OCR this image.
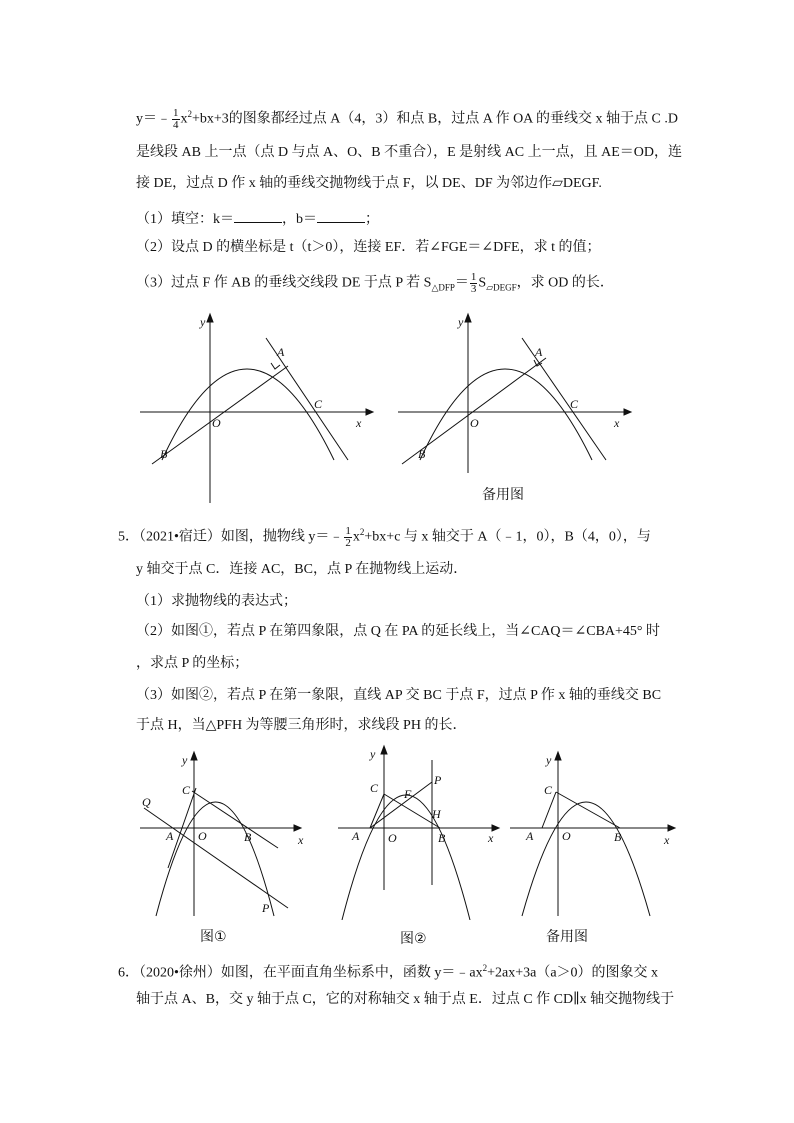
y＝﹣ $\frac{1}{4} x^2+bx+3$的图象都经过点 A（4，3）和点 B，过点 A 作 OA 的垂线交 x 轴于点 C .D
是线段 AB 上一点（点 D 与点 A、O、B 不重合），E 是射线 AC 上一点，且 AE＝OD，连
接 DE，过点 D 作 x 轴的垂线交抛物线于点 F，以 DE、DF 为邻边作▱DEGF.
（1）填空：k＝	，b＝	；
（2）设点 D 的横坐标是 t（t＞0），连接 EF．若∠FGE＝∠DFE，求 t 的值；
（3）过点 F 作 AB 的垂线交线段 DE 于点 P 若 $S_{\triangle DFP}= \frac{1}{3} S_{▱DEGF}$，求 OD 的长．
y
x
O
A
B
C
y
x
O
A
B
C
备用图
5．（2021•宿迁）如图，抛物线 y＝﹣ $\frac{1}{2} x^2+bx+c$ 与 x 轴交于 A（﹣1，0），B（4，0），与
y 轴交于点 C．连接 AC，BC，点 P 在抛物线上运动．
（1）求抛物线的表达式；
（2）如图①，若点 P 在第四象限，点 Q 在 PA 的延长线上，当∠CAQ＝∠CBA+45° 时
，求点 P 的坐标；
（3）如图②，若点 P 在第一象限，直线 AP 交 BC 于点 F，过点 P 作 x 轴的垂线交 BC
于点 H，当△PFH 为等腰三角形时，求线段 PH 的长．
y
x
O
A	B
C
Q
P
图①
y
x
O
A	B
C F
P
H
图②
y
x
O
A	B
C
备用图
6．（2020•徐州）如图，在平面直角坐标系中，函数 $y=﹣ax^2+2ax+3a(a>0)$的图象交 x
轴于点 A、B，交 y 轴于点 C，它的对称轴交 x 轴于点 E．过点 C 作 CD∥x 轴交抛物线于
